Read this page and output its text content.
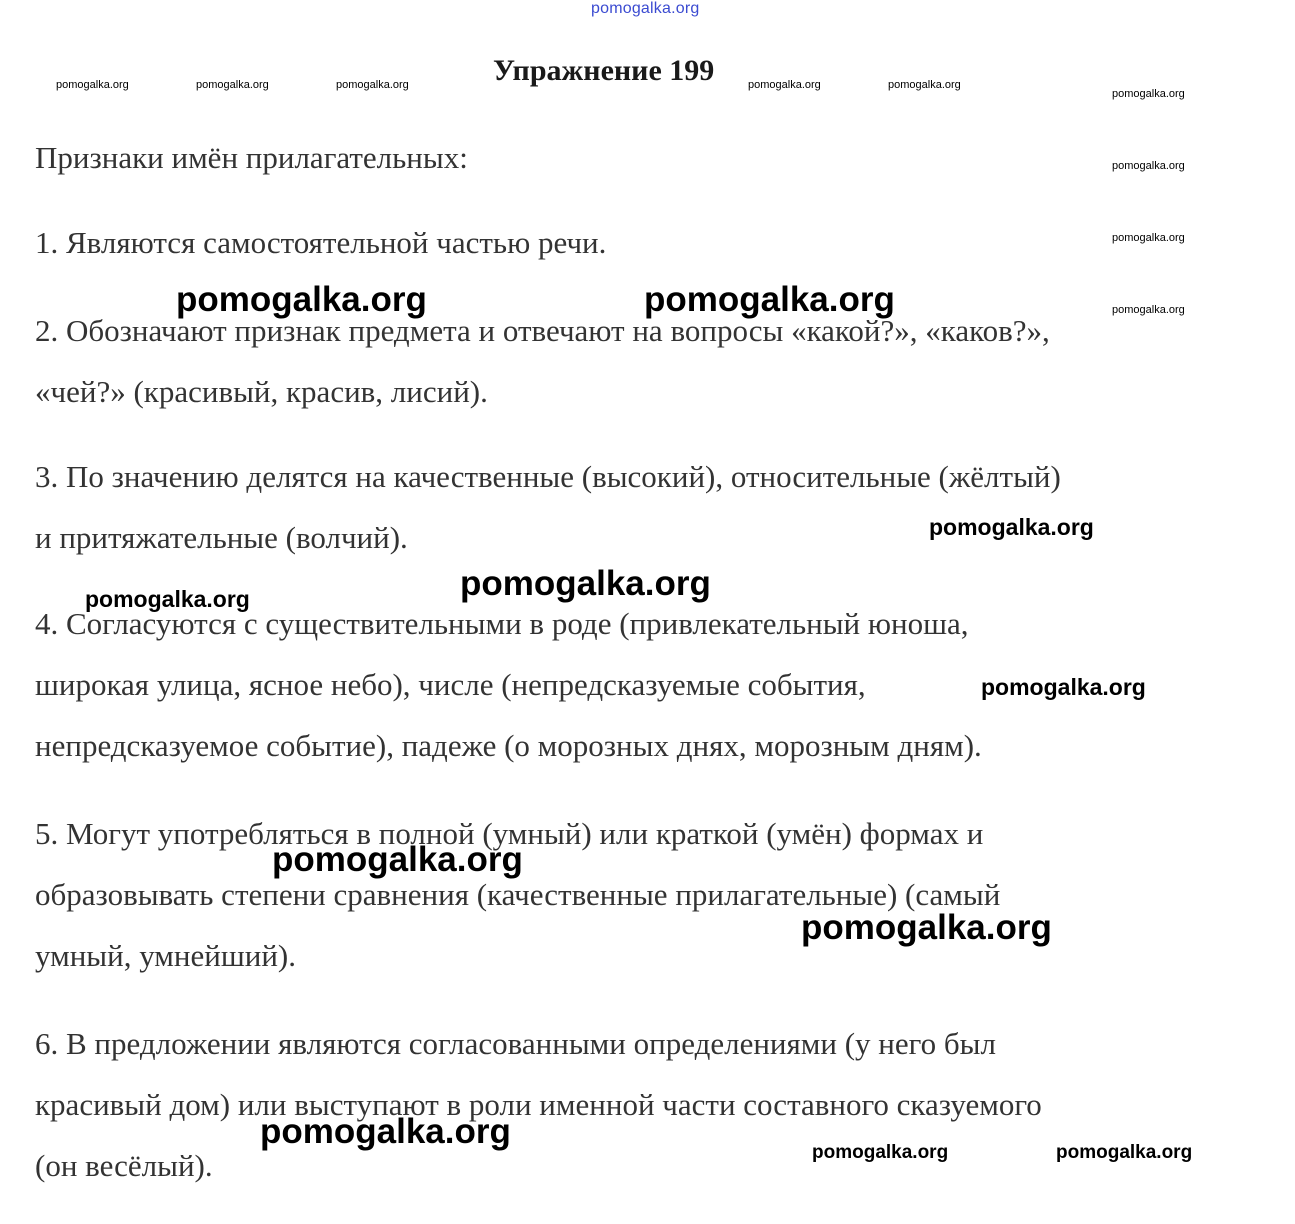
pomogalka.org
Упражнение 199

Признаки имён прилагательных:

1. Являются самостоятельной частью речи.

2. Обозначают признак предмета и отвечают на вопросы «какой?», «каков?»,
«чей?» (красивый, красив, лисий).

3. По значению делятся на качественные (высокий), относительные (жёлтый)
и притяжательные (волчий).

4. Согласуются с существительными в роде (привлекательный юноша,
широкая улица, ясное небо), числе (непредсказуемые события,
непредсказуемое событие), падеже (о морозных днях, морозным дням).

5. Могут употребляться в полной (умный) или краткой (умён) формах и
образовывать степени сравнения (качественные прилагательные) (самый
умный, умнейший).

6. В предложении являются согласованными определениями (у него был
красивый дом) или выступают в роли именной части составного сказуемого
(он весёлый).

pomogalka.org	pomogalka.org	pomogalka.org	pomogalka.org	pomogalka.org
pomogalka.org
pomogalka.org
pomogalka.org
pomogalka.org
pomogalka.org	pomogalka.org
pomogalka.org
pomogalka.org
pomogalka.org
pomogalka.org
pomogalka.org
pomogalka.org
pomogalka.org
pomogalka.org	pomogalka.org
